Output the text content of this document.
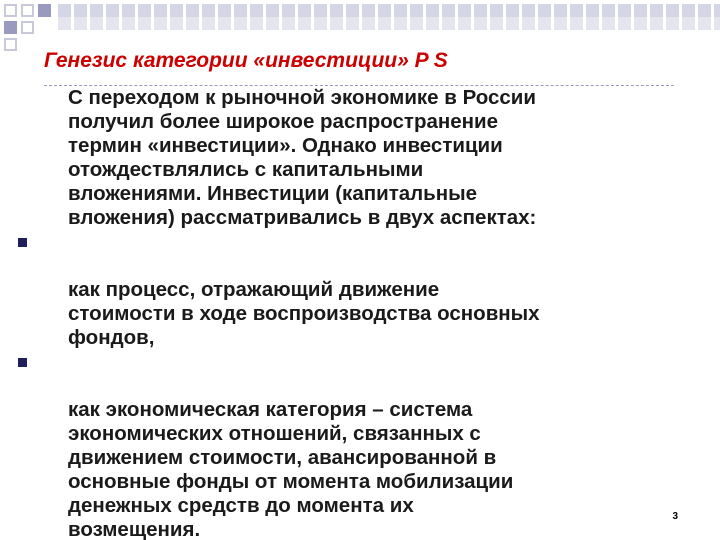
Генезис категории «инвестиции» P S

С переходом к рыночной экономике в России
получил более широкое распространение
термин «инвестиции». Однако инвестиции
отождествлялись с капитальными
вложениями. Инвестиции (капитальные
вложения) рассматривались в двух аспектах:

как процесс, отражающий движение
стоимости в ходе воспроизводства основных
фондов,

как экономическая категория – система
экономических отношений, связанных с
движением стоимости, авансированной в
основные фонды от момента мобилизации
денежных средств до момента их
возмещения.

3
